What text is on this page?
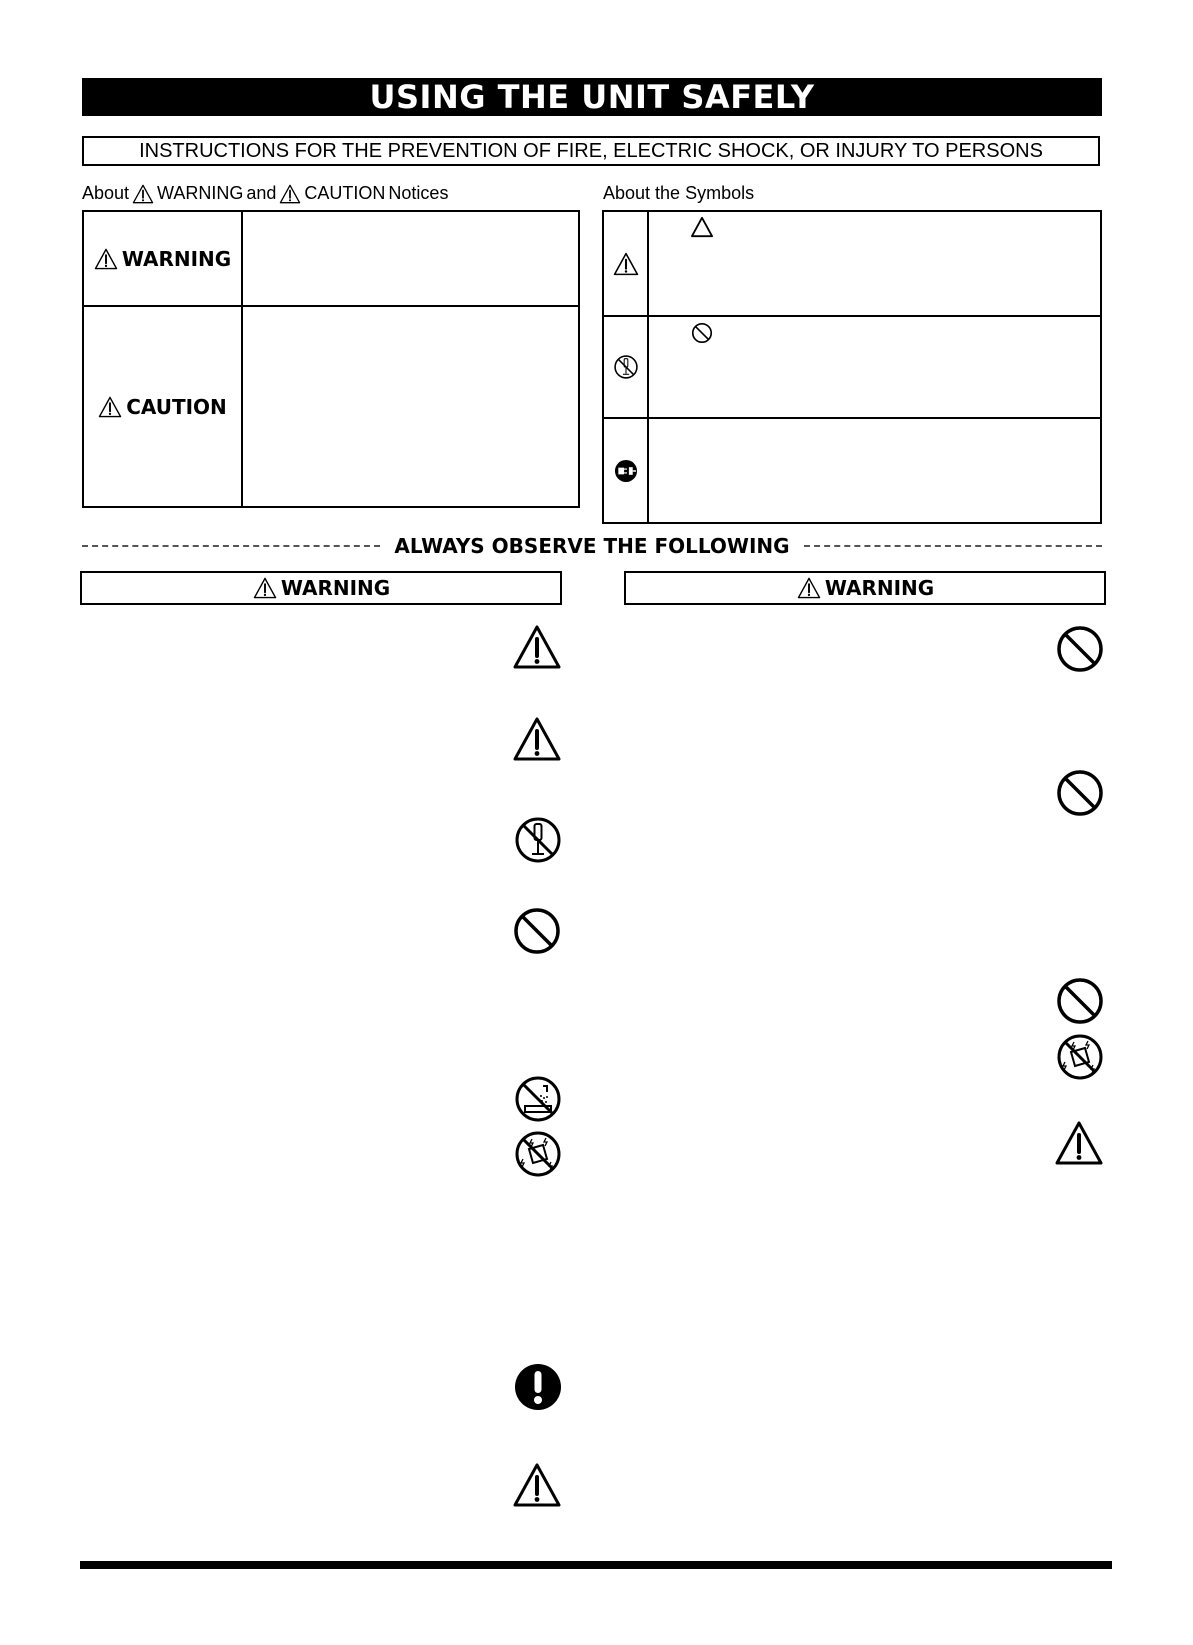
USING THE UNIT SAFELY
INSTRUCTIONS FOR THE PREVENTION OF FIRE, ELECTRIC SHOCK, OR INJURY TO PERSONS
About WARNING and CAUTION Notices
WARNING
CAUTION
About the Symbols
ALWAYS OBSERVE THE FOLLOWING
WARNING	WARNING
